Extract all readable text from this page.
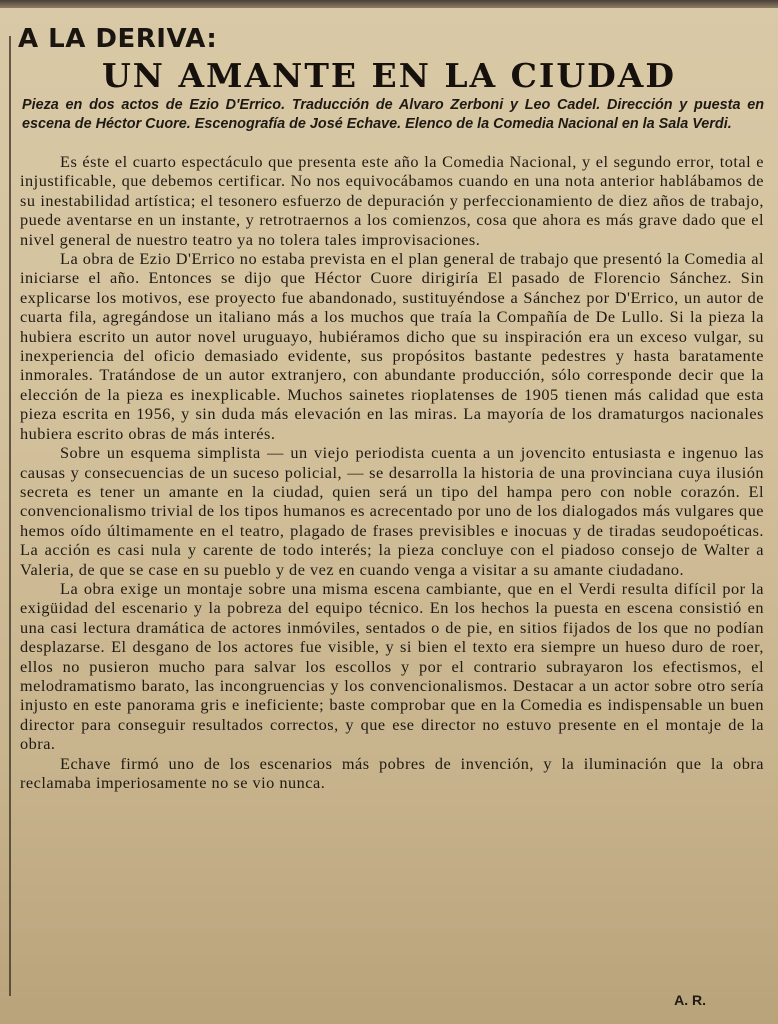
A LA DERIVA:
UN AMANTE EN LA CIUDAD
Pieza en dos actos de Ezio D'Errico. Traducción de Alvaro Zerboni y Leo Cadel. Dirección y puesta en escena de Héctor Cuore. Escenografía de José Echave. Elenco de la Comedia Nacional en la Sala Verdi.

Es éste el cuarto espectáculo que presenta este año la Comedia Nacional, y el segundo error, total e injustificable, que debemos certificar. No nos equivocábamos cuando en una nota anterior hablábamos de su inestabilidad artística; el tesonero esfuerzo de depuración y perfeccionamiento de diez años de trabajo, puede aventarse en un instante, y retrotraernos a los comienzos, cosa que ahora es más grave dado que el nivel general de nuestro teatro ya no tolera tales improvisaciones.

La obra de Ezio D'Errico no estaba prevista en el plan general de trabajo que presentó la Comedia al iniciarse el año. Entonces se dijo que Héctor Cuore dirigiría El pasado de Florencio Sánchez. Sin explicarse los motivos, ese proyecto fue abandonado, sustituyéndose a Sánchez por D'Errico, un autor de cuarta fila, agregándose un italiano más a los muchos que traía la Compañía de De Lullo. Si la pieza la hubiera escrito un autor novel uruguayo, hubiéramos dicho que su inspiración era un exceso vulgar, su inexperiencia del oficio demasiado evidente, sus propósitos bastante pedestres y hasta baratamente inmorales. Tratándose de un autor extranjero, con abundante producción, sólo corresponde decir que la elección de la pieza es inexplicable. Muchos sainetes rioplatenses de 1905 tienen más calidad que esta pieza escrita en 1956, y sin duda más elevación en las miras. La mayoría de los dramaturgos nacionales hubiera escrito obras de más interés.

Sobre un esquema simplista — un viejo periodista cuenta a un jovencito entusiasta e ingenuo las causas y consecuencias de un suceso policial, — se desarrolla la historia de una provinciana cuya ilusión secreta es tener un amante en la ciudad, quien será un tipo del hampa pero con noble corazón. El convencionalismo trivial de los tipos humanos es acrecentado por uno de los dialogados más vulgares que hemos oído últimamente en el teatro, plagado de frases previsibles e inocuas y de tiradas seudopoéticas. La acción es casi nula y carente de todo interés; la pieza concluye con el piadoso consejo de Walter a Valeria, de que se case en su pueblo y de vez en cuando venga a visitar a su amante ciudadano.

La obra exige un montaje sobre una misma escena cambiante, que en el Verdi resulta difícil por la exigüidad del escenario y la pobreza del equipo técnico. En los hechos la puesta en escena consistió en una casi lectura dramática de actores inmóviles, sentados o de pie, en sitios fijados de los que no podían desplazarse. El desgano de los actores fue visible, y si bien el texto era siempre un hueso duro de roer, ellos no pusieron mucho para salvar los escollos y por el contrario subrayaron los efectismos, el melodramatismo barato, las incongruencias y los convencionalismos. Destacar a un actor sobre otro sería injusto en este panorama gris e ineficiente; baste comprobar que en la Comedia es indispensable un buen director para conseguir resultados correctos, y que ese director no estuvo presente en el montaje de la obra.

Echave firmó uno de los escenarios más pobres de invención, y la iluminación que la obra reclamaba imperiosamente no se vio nunca.

A. R.
